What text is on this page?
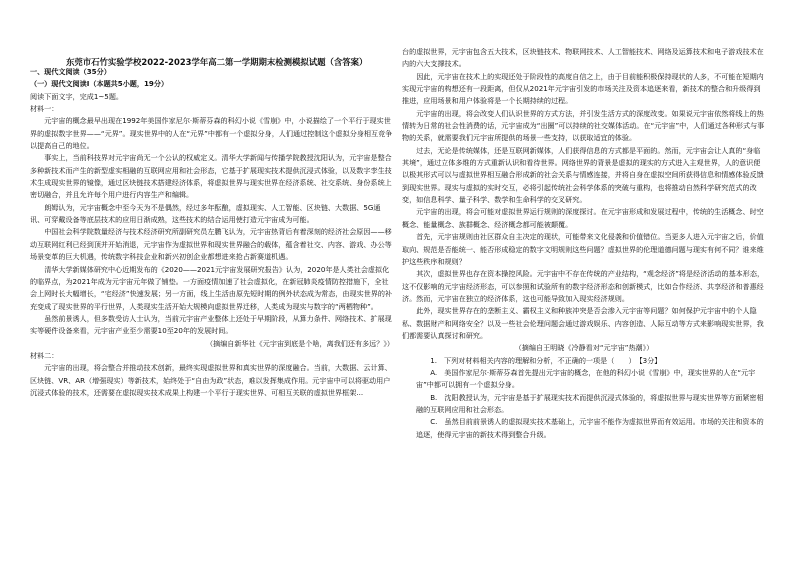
东莞市石竹实验学校2022-2023学年高二第一学期期末检测模拟试题（含答案）

一、现代文阅读（35分）

（一）现代文阅读Ⅰ（本题共5小题，19分）

阅读下面文字，完成1~5题。

材料一：

元宇宙的概念最早出现在1992年美国作家尼尔·斯蒂芬森的科幻小说《雪崩》中，小说描绘了一个平行于现实世界的虚拟数字世界——“元界”。现实世界中的人在“元界”中都有一个虚拟分身，人们通过控制这个虚拟分身相互竞争以提高自己的地位。

事实上，当前科技界对元宇宙尚无一个公认的权威定义。清华大学新闻与传播学院教授沈阳认为，元宇宙是整合多种新技术而产生的新型虚实相融的互联网应用和社会形态，它基于扩展现实技术提供沉浸式体验，以及数字孪生技术生成现实世界的镜像，通过区块链技术搭建经济体系，将虚拟世界与现实世界在经济系统、社交系统、身份系统上密切融合，并且允许每个用户进行内容生产和编辑。

朗姆认为，元宇宙概念中至今天为不是偶然，经过多年酝酿，虚拟现实、人工智能、区块链、大数据、5G通讯、可穿戴设备等底层技术的应用日渐成熟，这些技术的结合运用使打造元宇宙成为可能。

中国社会科学院数量经济与技术经济研究所副研究员左鹏飞认为，元宇宙热背后有着深刻的经济社会原因——移动互联网红利已经到顶并开始消退，元宇宙作为虚拟世界和现实世界融合的载体，蕴含着社交、内容、游戏、办公等场景变革的巨大机遇，传统数字科技企业和新兴初创企业都想进来抢占新赛道机遇。

清华大学新媒体研究中心近期发布的《2020——2021元宇宙发展研究报告》认为，2020年是人类社会虚拟化的临界点，为2021年成为元宇宙元年做了铺垫。一方面疫情加速了社会虚拟化，在新冠肺炎疫情防控措施下，全社会上网时长大幅增长，“宅经济”快速发展；另一方面，线上生活由原先短时期的例外状态成为常态，由现实世界的补充变成了现实世界的平行世界，人类现实生活开始大规模向虚拟世界迁移，人类成为现实与数字的“两栖物种”。

虽然前景诱人，但多数受访人士认为，当前元宇宙产业整体上还处于早期阶段，从算力条件、网络技术、扩展现实等硬件设备来看，元宇宙产业至少需要10至20年的发展时间。

（摘编自新华社《元宇宙到底是个啥，离我们还有多远？》）

材料二：

元宇宙的出现，将会整合并推动技术创新，最终实现虚拟世界和真实世界的深度融合。当前，大数据、云计算、区块链、VR、AR（增强现实）等新技术，始终处于“自由为政”状态，难以发挥集成作用。元宇宙中可以将驱动用户沉浸式体验的技术，还需要在虚拟现实技术成果上构建一个平行于现实世界、可相互关联的虚拟世界框架...

台的虚拟世界，元宇宙包含五大技术，区块链技术、物联网技术、人工智能技术、网络及运算技术和电子游戏技术在内的六大支撑技术。

因此，元宇宙在技术上的实现还处于阶段性的高度自信之上，由于目前能积极保持现状的人多，不可能在短期内实现元宇宙的构想还有一段距离，但仅从2021年元宇宙引发的市场关注及资本追逐来看，新技术的整合和升级得到推进，应用场景和用户体验将是一个长期持续的过程。

元宇宙的出现，将会改变人们认识世界的方式方法，并引发生活方式的深度改变。如果说元宇宙依然将线上的热情转为日常的社会性消费的话，元宇宙成为“出圈”可以持续的社交媒体活动。在“元宇宙”中，人们通过各种形式与事物的关系，就需要我们元宇宙所提供的场景一些支持，以获取适宜的体验。

过去，无论是传统媒体，还是互联网新媒体，人们获得信息的方式都是平面的。然而，元宇宙会让人真的“身临其境”，通过立体多维的方式重新认识和看待世界。网络世界的背景是虚拟的现实的方式进入主观世界，人的意识便以极其形式可以与虚拟世界相互融合形成新的社会关系与情感连接，并将自身在虚拟空间所获得信息和情感体验反馈到现实世界。现实与虚拟的实时交互，必将引起传统社会科学体系的突破与重构，也将推动自然科学研究范式的改变，如信息科学、量子科学、数学和生命科学的交叉研究。

元宇宙的出现，将会可能对虚拟世界运行规则的深度探讨。在元宇宙形成和发展过程中，传统的生活概念、时空概念、能量概念、族群概念、经济概念都可能被颠覆。

首先，元宇宙规则由社区群众自主决定的现状，可能带来文化侵袭和价值错位。当更多人进入元宇宙之后，价值取向、规范是否能统一、能否形成稳定的数字文明规则这些问题？虚拟世界的伦理道德问题与现实有何不同？谁来维护这些秩序和规则？

其次，虚拟世界也存在资本操控风险。元宇宙中不存在传统的产业结构，“观念经济”将是经济活动的基本形态，这不仅影响的元宇宙经济形态，可以参照和试验所有的数字经济形态和创新模式，比如合作经济、共享经济和普惠经济。然而，元宇宙在独立的经济体系，这也可能导致加入现实经济规则。

此外，现实世界存在的垄断主义、霸权主义和种族冲突是否会渗入元宇宙等问题？如何保护元宇宙中的个人隐私、数据财产和网络安全？以及一些社会伦理问题会通过游戏娱乐、内容创造、人际互动等方式来影响现实世界，我们都需要认真探讨和研究。

（摘编自王明晓《冷静看对“元宇宙”热潮》）

1.　下列对材料相关内容的理解和分析，不正确的一项是（　　）　【3分】

A.　美国作家尼尔·斯蒂芬森首先提出元宇宙的概念，在他的科幻小说《雪崩》中，现实世界的人在“元宇宙”中都可以拥有一个虚拟分身。

B.　沈阳教授认为，元宇宙是基于扩展现实技术而提供沉浸式体验的，将虚拟世界与现实世界等方面紧密相融的互联网应用和社会形态。

C.　虽然目前前景诱人的虚拟现实技术基础上，元宇宙不能作为虚拟世界而有效运用。市场的关注和资本的追逐，使得元宇宙的新技术得到整合升级。
